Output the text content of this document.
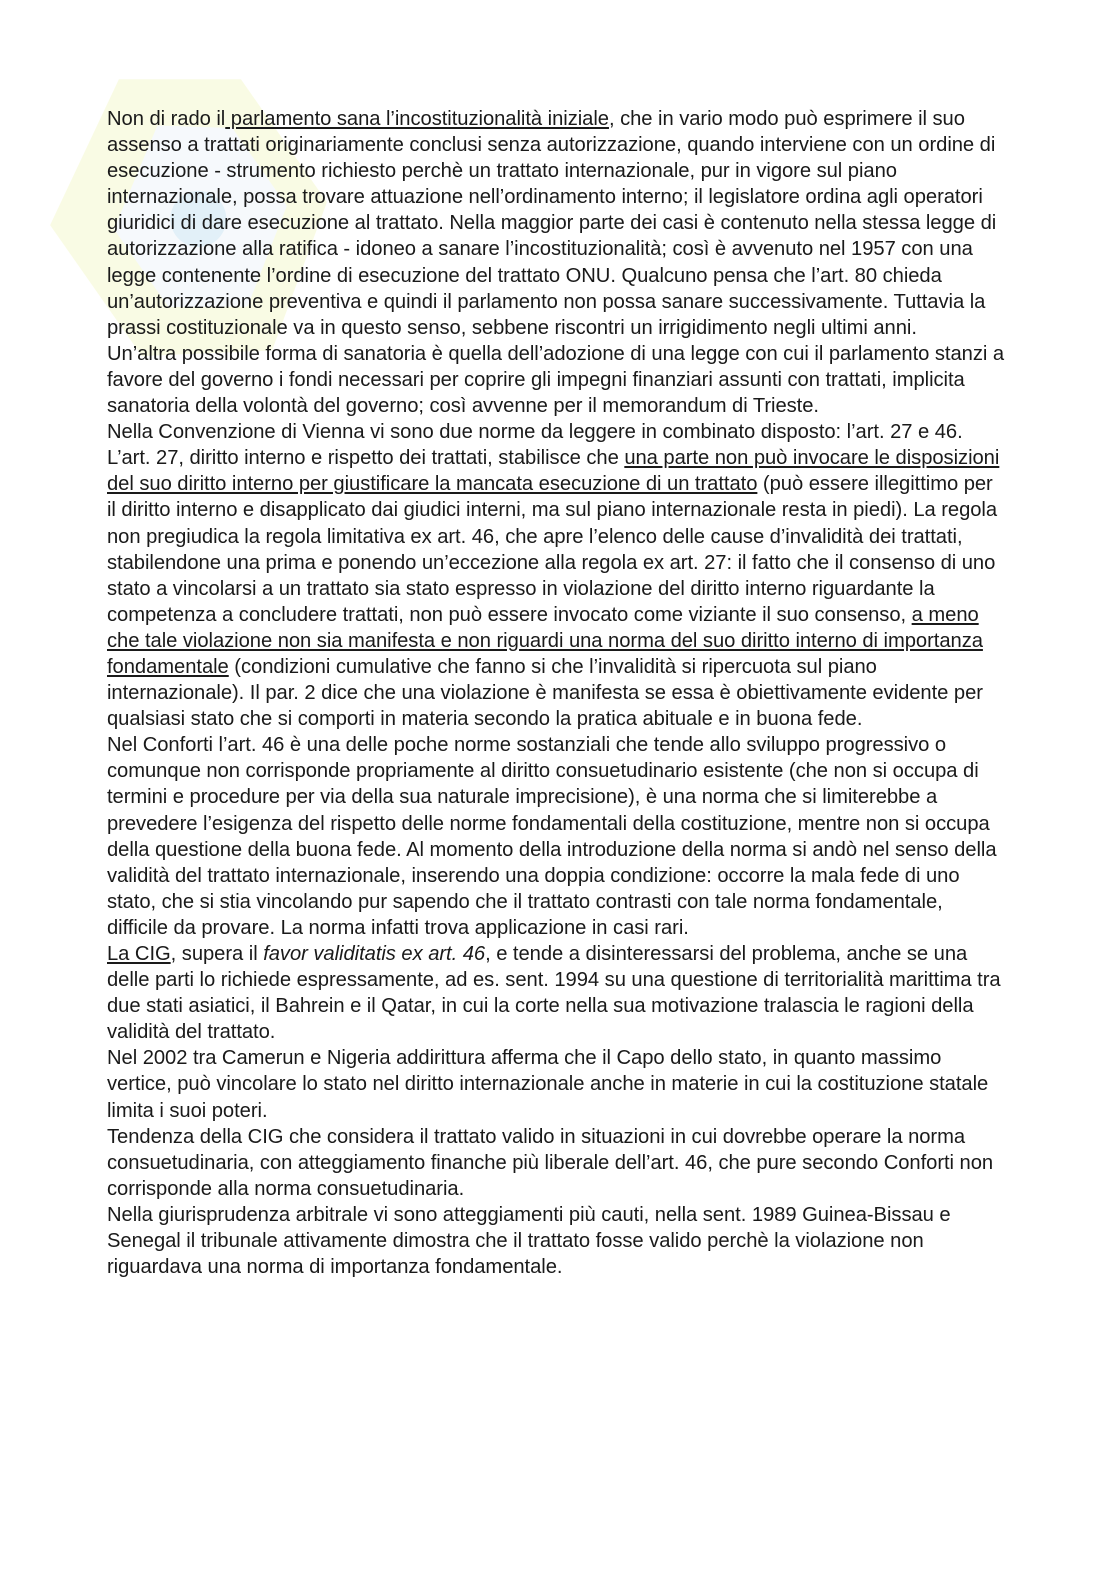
Non di rado il parlamento sana l’incostituzionalità iniziale, che in vario modo può esprimere il suo assenso a trattati originariamente conclusi senza autorizzazione, quando interviene con un ordine di esecuzione - strumento richiesto perchè un trattato internazionale, pur in vigore sul piano internazionale, possa trovare attuazione nell’ordinamento interno; il legislatore ordina agli operatori giuridici di dare esecuzione al trattato. Nella maggior parte dei casi è contenuto nella stessa legge di autorizzazione alla ratifica - idoneo a sanare l’incostituzionalità; così è avvenuto nel 1957 con una legge contenente l’ordine di esecuzione del trattato ONU. Qualcuno pensa che l’art. 80 chieda un’autorizzazione preventiva e quindi il parlamento non possa sanare successivamente. Tuttavia la prassi costituzionale va in questo senso, sebbene riscontri un irrigidimento negli ultimi anni.

Un’altra possibile forma di sanatoria è quella dell’adozione di una legge con cui il parlamento stanzi a favore del governo i fondi necessari per coprire gli impegni finanziari assunti con trattati, implicita sanatoria della volontà del governo; così avvenne per il memorandum di Trieste.

Nella Convenzione di Vienna vi sono due norme da leggere in combinato disposto: l’art. 27 e 46.

L’art. 27, diritto interno e rispetto dei trattati, stabilisce che una parte non può invocare le disposizioni del suo diritto interno per giustificare la mancata esecuzione di un trattato (può essere illegittimo per il diritto interno e disapplicato dai giudici interni, ma sul piano internazionale resta in piedi). La regola non pregiudica la regola limitativa ex art. 46, che apre l’elenco delle cause d’invalidità dei trattati, stabilendone una prima e ponendo un’eccezione alla regola ex art. 27: il fatto che il consenso di uno stato a vincolarsi a un trattato sia stato espresso in violazione del diritto interno riguardante la competenza a concludere trattati, non può essere invocato come viziante il suo consenso, a meno che tale violazione non sia manifesta e non riguardi una norma del suo diritto interno di importanza fondamentale (condizioni cumulative che fanno si che l’invalidità si ripercuota sul piano internazionale). Il par. 2 dice che una violazione è manifesta se essa è obiettivamente evidente per qualsiasi stato che si comporti in materia secondo la pratica abituale e in buona fede.

Nel Conforti l’art. 46 è una delle poche norme sostanziali che tende allo sviluppo progressivo o comunque non corrisponde propriamente al diritto consuetudinario esistente (che non si occupa di termini e procedure per via della sua naturale imprecisione), è una norma che si limiterebbe a prevedere l’esigenza del rispetto delle norme fondamentali della costituzione, mentre non si occupa della questione della buona fede. Al momento della introduzione della norma si andò nel senso della validità del trattato internazionale, inserendo una doppia condizione: occorre la mala fede di uno stato, che si stia vincolando pur sapendo che il trattato contrasti con tale norma fondamentale, difficile da provare. La norma infatti trova applicazione in casi rari.

La CIG, supera il favor validitatis ex art. 46, e tende a disinteressarsi del problema, anche se una delle parti lo richiede espressamente, ad es. sent. 1994 su una questione di territorialità marittima tra due stati asiatici, il Bahrein e il Qatar, in cui la corte nella sua motivazione tralascia le ragioni della validità del trattato.

Nel 2002 tra Camerun e Nigeria addirittura afferma che il Capo dello stato, in quanto massimo vertice, può vincolare lo stato nel diritto internazionale anche in materie in cui la costituzione statale limita i suoi poteri.

Tendenza della CIG che considera il trattato valido in situazioni in cui dovrebbe operare la norma consuetudinaria, con atteggiamento finanche più liberale dell’art. 46, che pure secondo Conforti non corrisponde alla norma consuetudinaria.

Nella giurisprudenza arbitrale vi sono atteggiamenti più cauti, nella sent. 1989 Guinea-Bissau e Senegal il tribunale attivamente dimostra che il trattato fosse valido perchè la violazione non riguardava una norma di importanza fondamentale.
